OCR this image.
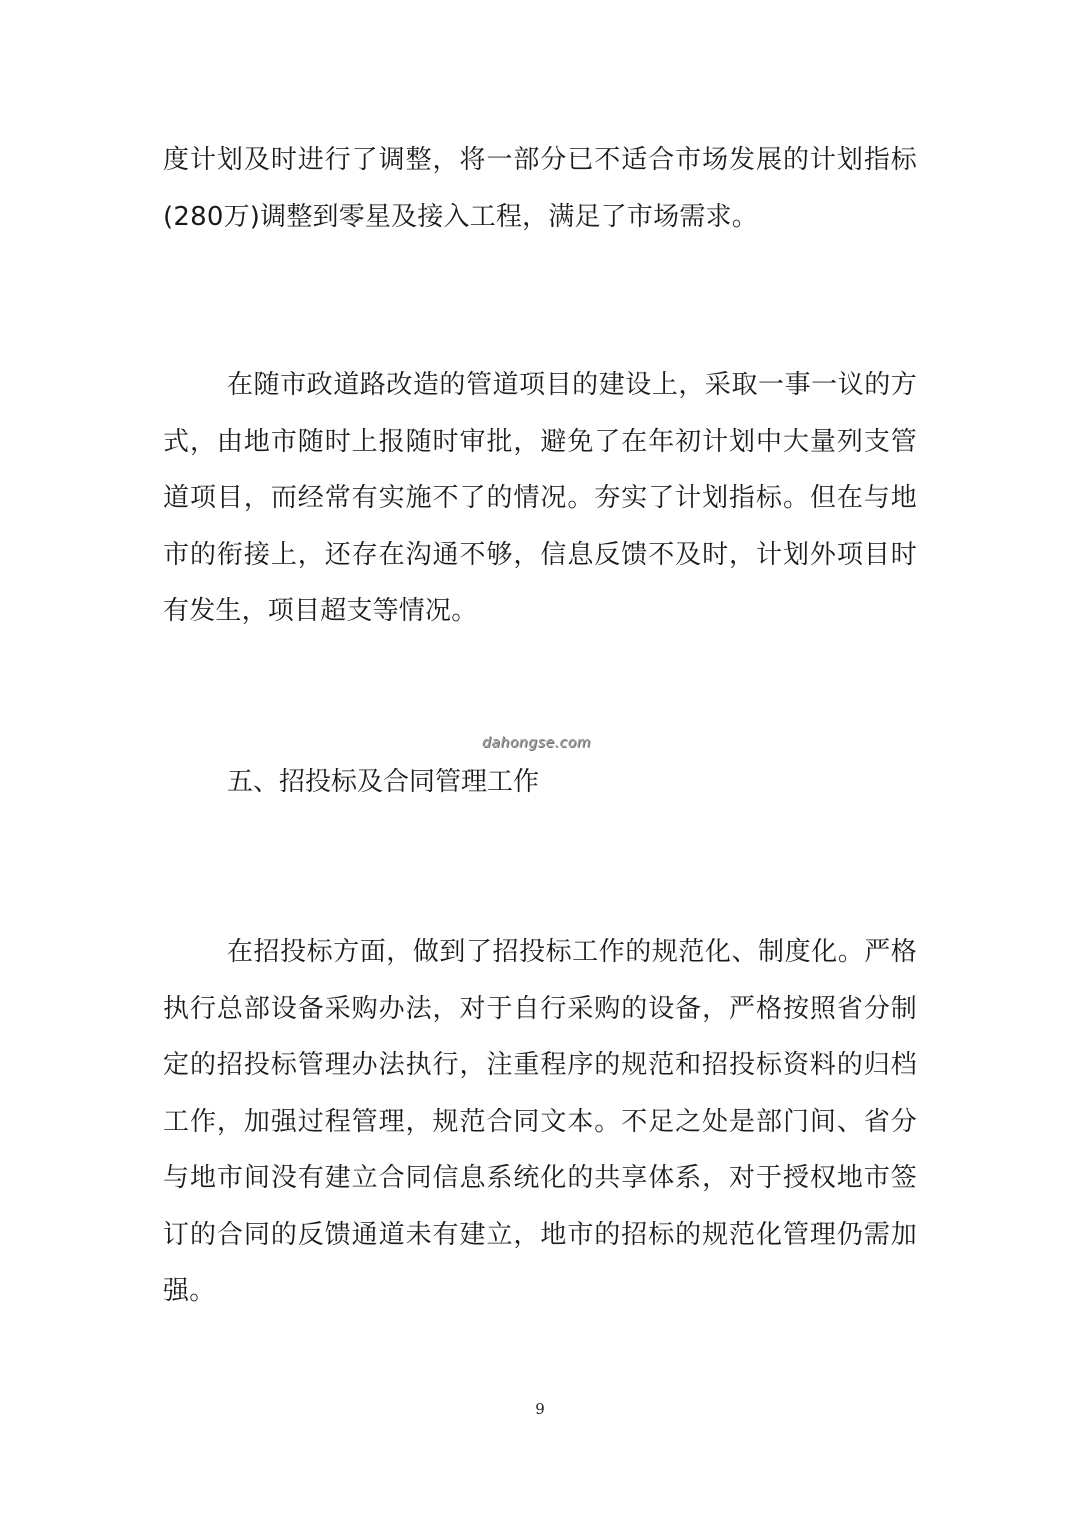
度计划及时进行了调整，将一部分已不适合市场发展的计划指标(280万)调整到零星及接入工程，满足了市场需求。

在随市政道路改造的管道项目的建设上，采取一事一议的方式，由地市随时上报随时审批，避免了在年初计划中大量列支管道项目，而经常有实施不了的情况。夯实了计划指标。但在与地市的衔接上，还存在沟通不够，信息反馈不及时，计划外项目时有发生，项目超支等情况。

dahongse.com
五、招投标及合同管理工作

在招投标方面，做到了招投标工作的规范化、制度化。严格执行总部设备采购办法，对于自行采购的设备，严格按照省分制定的招投标管理办法执行，注重程序的规范和招投标资料的归档工作，加强过程管理，规范合同文本。不足之处是部门间、省分与地市间没有建立合同信息系统化的共享体系，对于授权地市签订的合同的反馈通道未有建立，地市的招标的规范化管理仍需加强。

9
